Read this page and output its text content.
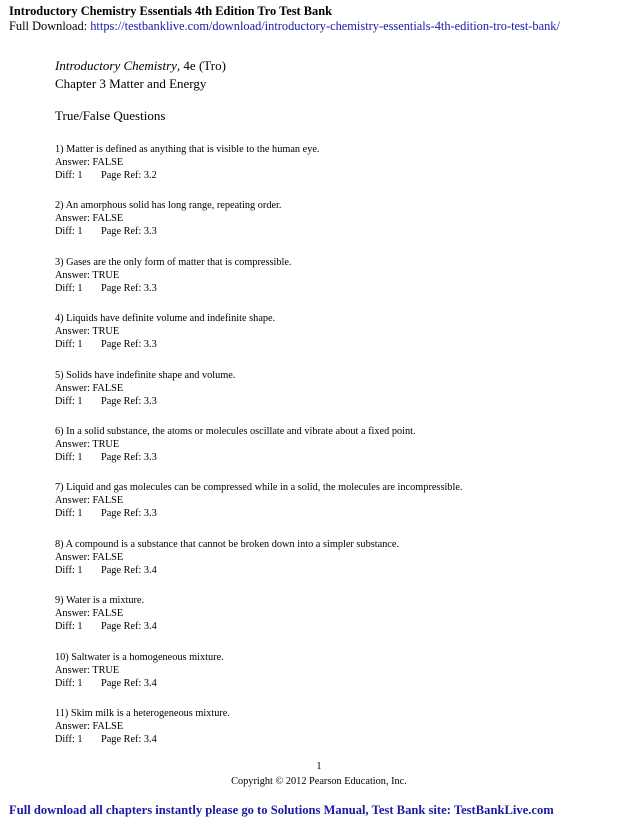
Introductory Chemistry Essentials 4th Edition Tro Test Bank
Full Download: https://testbanklive.com/download/introductory-chemistry-essentials-4th-edition-tro-test-bank/
Introductory Chemistry, 4e (Tro)
Chapter 3 Matter and Energy
True/False Questions
1) Matter is defined as anything that is visible to the human eye.
Answer: FALSE
Diff: 1 Page Ref: 3.2
2) An amorphous solid has long range, repeating order.
Answer: FALSE
Diff: 1 Page Ref: 3.3
3) Gases are the only form of matter that is compressible.
Answer: TRUE
Diff: 1 Page Ref: 3.3
4) Liquids have definite volume and indefinite shape.
Answer: TRUE
Diff: 1 Page Ref: 3.3
5) Solids have indefinite shape and volume.
Answer: FALSE
Diff: 1 Page Ref: 3.3
6) In a solid substance, the atoms or molecules oscillate and vibrate about a fixed point.
Answer: TRUE
Diff: 1 Page Ref: 3.3
7) Liquid and gas molecules can be compressed while in a solid, the molecules are incompressible.
Answer: FALSE
Diff: 1 Page Ref: 3.3
8) A compound is a substance that cannot be broken down into a simpler substance.
Answer: FALSE
Diff: 1 Page Ref: 3.4
9) Water is a mixture.
Answer: FALSE
Diff: 1 Page Ref: 3.4
10) Saltwater is a homogeneous mixture.
Answer: TRUE
Diff: 1 Page Ref: 3.4
11) Skim milk is a heterogeneous mixture.
Answer: FALSE
Diff: 1 Page Ref: 3.4
1
Copyright © 2012 Pearson Education, Inc.
Full download all chapters instantly please go to Solutions Manual, Test Bank site: TestBankLive.com
